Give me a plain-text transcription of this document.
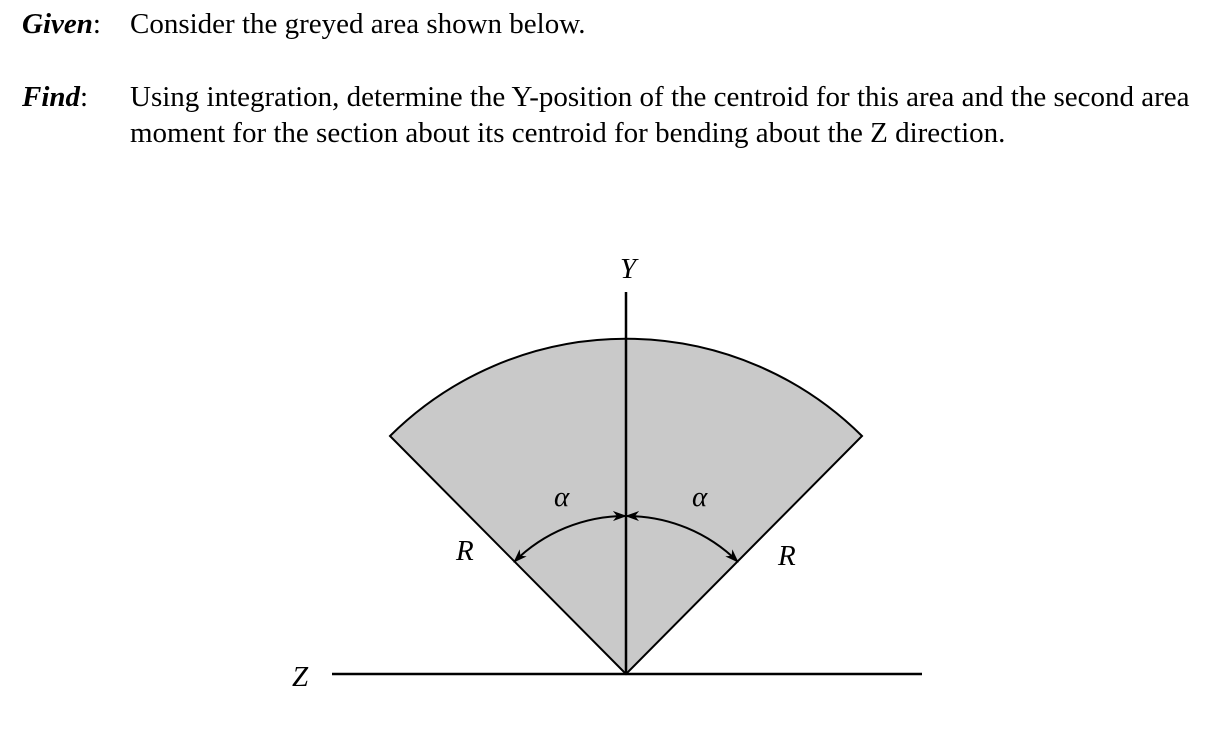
Given: Consider the greyed area shown below.
Find: Using integration, determine the Y-position of the centroid for this area and the second area moment for the section about its centroid for bending about the Z direction.
Y
Z
α	α
R	R
